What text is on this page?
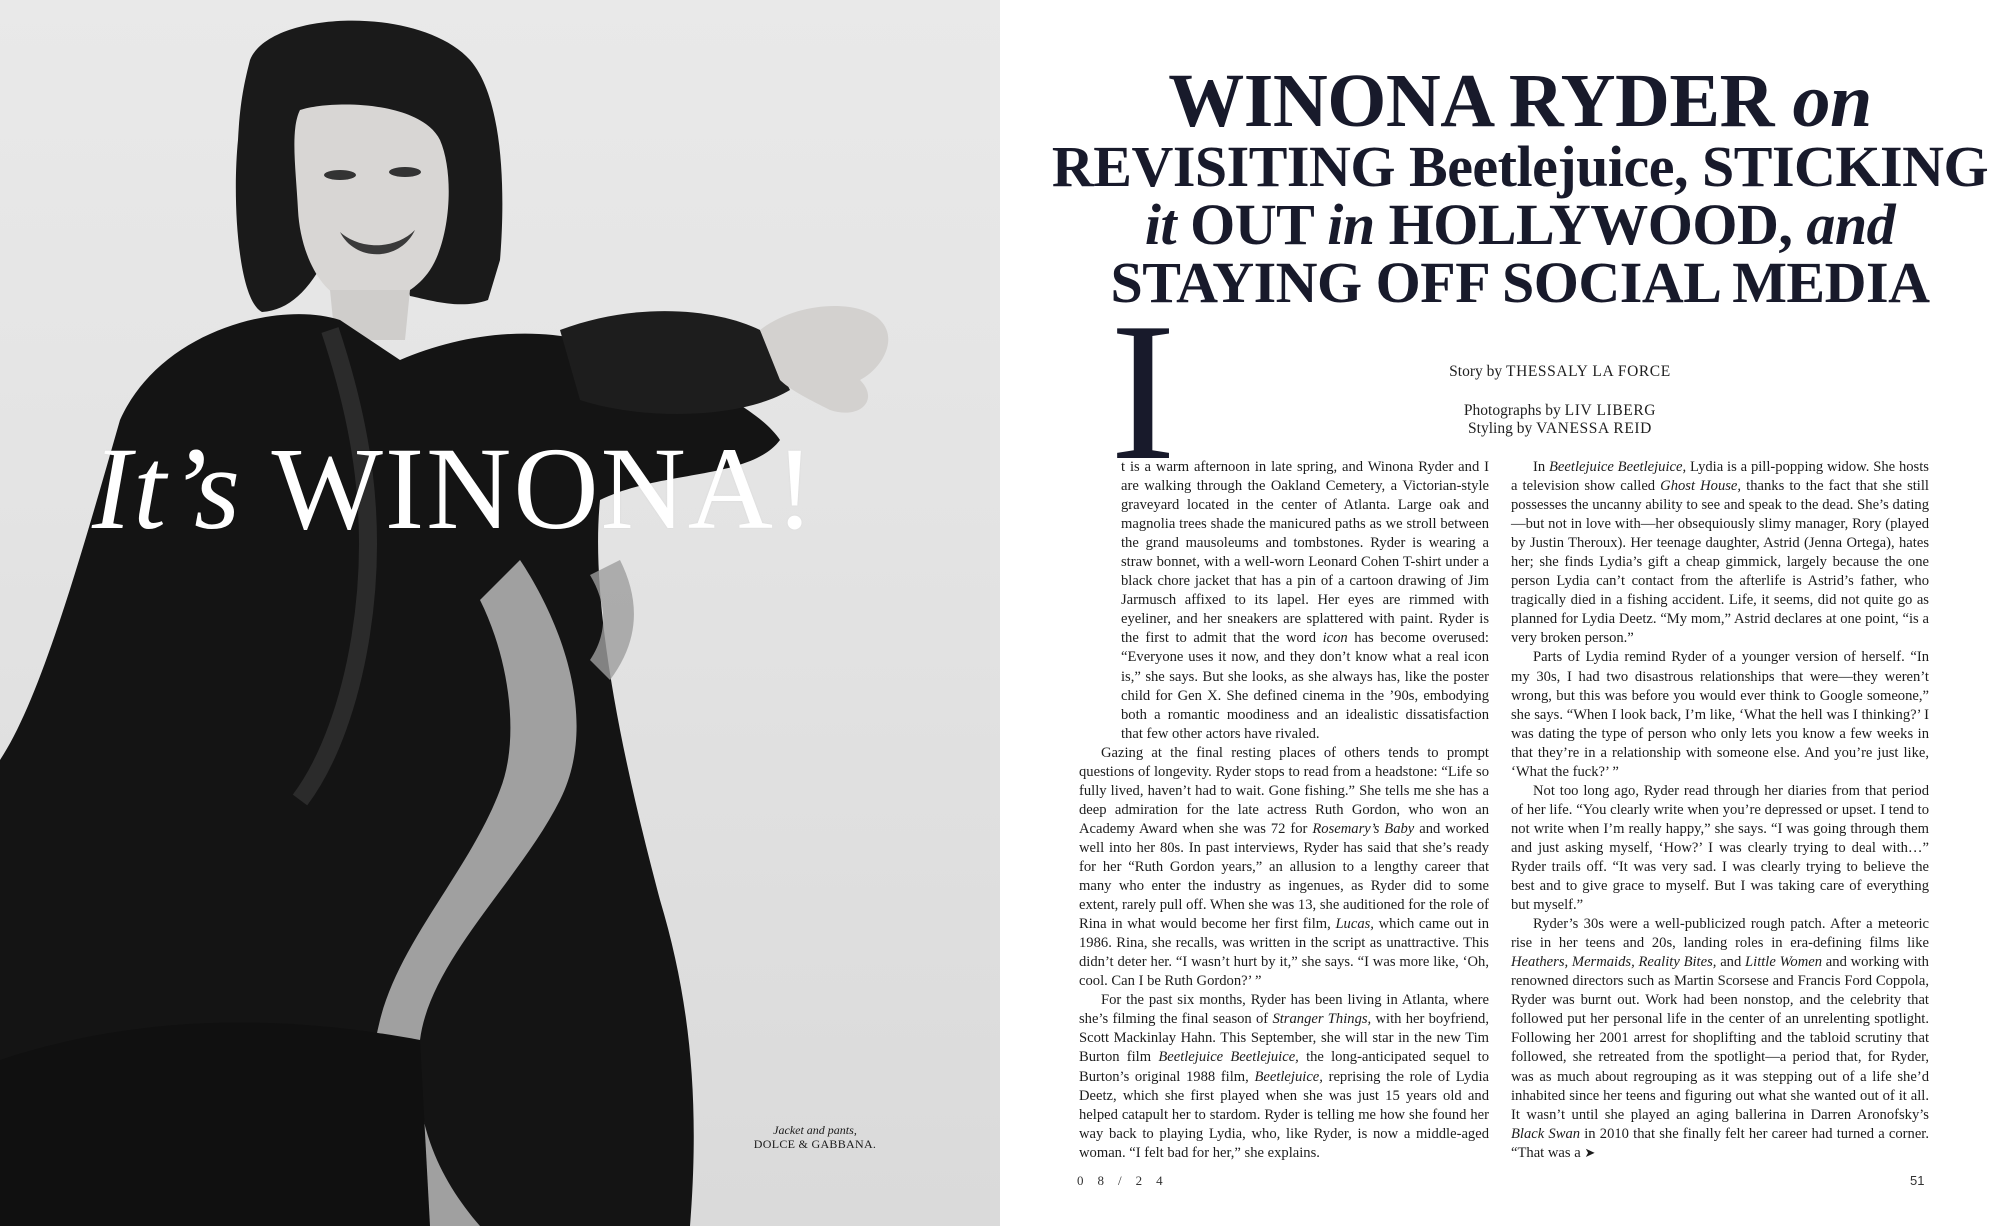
It’s WINONA!
Jacket and pants,
DOLCE & GABBANA.
WINONA RYDER on
REVISITING Beetlejuice, STICKING
it OUT in HOLLYWOOD, and
STAYING OFF SOCIAL MEDIA
I	Story by THESSALY LA FORCE
Photographs by LIV LIBERG
Styling by VANESSA REID

t is a warm afternoon in late spring, and Winona Ryder and I are walking through the Oakland Cemetery, a Victorian-style graveyard located in the center of Atlanta. Large oak and magnolia trees shade the manicured paths as we stroll between the grand mausoleums and tombstones. Ryder is wearing a straw bonnet, with a well-worn Leonard Cohen T-shirt under a black chore jacket that has a pin of a cartoon drawing of Jim Jarmusch affixed to its lapel. Her eyes are rimmed with eyeliner, and her sneakers are splattered with paint. Ryder is the first to admit that the word icon has become overused: “Everyone uses it now, and they don’t know what a real icon is,” she says. But she looks, as she always has, like the poster child for Gen X. She defined cinema in the ’90s, embodying both a romantic moodiness and an idealistic dissatisfaction that few other actors have rivaled.

Gazing at the final resting places of others tends to prompt questions of longevity. Ryder stops to read from a headstone: “Life so fully lived, haven’t had to wait. Gone fishing.” She tells me she has a deep admiration for the late actress Ruth Gordon, who won an Academy Award when she was 72 for Rosemary’s Baby and worked well into her 80s. In past interviews, Ryder has said that she’s ready for her “Ruth Gordon years,” an allusion to a lengthy career that many who enter the industry as ingenues, as Ryder did to some extent, rarely pull off. When she was 13, she auditioned for the role of Rina in what would become her first film, Lucas, which came out in 1986. Rina, she recalls, was written in the script as unattractive. This didn’t deter her. “I wasn’t hurt by it,” she says. “I was more like, ‘Oh, cool. Can I be Ruth Gordon?’ ”

For the past six months, Ryder has been living in Atlanta, where she’s filming the final season of Stranger Things, with her boyfriend, Scott Mackinlay Hahn. This September, she will star in the new Tim Burton film Beetlejuice Beetlejuice, the long-anticipated sequel to Burton’s original 1988 film, Beetlejuice, reprising the role of Lydia Deetz, which she first played when she was just 15 years old and helped catapult her to stardom. Ryder is telling me how she found her way back to playing Lydia, who, like Ryder, is now a middle-aged woman. “I felt bad for her,” she explains.

In Beetlejuice Beetlejuice, Lydia is a pill-popping widow. She hosts a television show called Ghost House, thanks to the fact that she still possesses the uncanny ability to see and speak to the dead. She’s dating—but not in love with—her obsequiously slimy manager, Rory (played by Justin Theroux). Her teenage daughter, Astrid (Jenna Ortega), hates her; she finds Lydia’s gift a cheap gimmick, largely because the one person Lydia can’t contact from the afterlife is Astrid’s father, who tragically died in a fishing accident. Life, it seems, did not quite go as planned for Lydia Deetz. “My mom,” Astrid declares at one point, “is a very broken person.”

Parts of Lydia remind Ryder of a younger version of herself. “In my 30s, I had two disastrous relationships that were—they weren’t wrong, but this was before you would ever think to Google someone,” she says. “When I look back, I’m like, ‘What the hell was I thinking?’ I was dating the type of person who only lets you know a few weeks in that they’re in a relationship with someone else. And you’re just like, ‘What the fuck?’ ”

Not too long ago, Ryder read through her diaries from that period of her life. “You clearly write when you’re depressed or upset. I tend to not write when I’m really happy,” she says. “I was going through them and just asking myself, ‘How?’ I was clearly trying to deal with…” Ryder trails off. “It was very sad. I was clearly trying to believe the best and to give grace to myself. But I was taking care of everything but myself.”

Ryder’s 30s were a well-publicized rough patch. After a meteoric rise in her teens and 20s, landing roles in era-defining films like Heathers, Mermaids, Reality Bites, and Little Women and working with renowned directors such as Martin Scorsese and Francis Ford Coppola, Ryder was burnt out. Work had been nonstop, and the celebrity that followed put her personal life in the center of an unrelenting spotlight. Following her 2001 arrest for shoplifting and the tabloid scrutiny that followed, she retreated from the spotlight—a period that, for Ryder, was as much about regrouping as it was stepping out of a life she’d inhabited since her teens and figuring out what she wanted out of it all. It wasn’t until she played an aging ballerina in Darren Aronofsky’s Black Swan in 2010 that she finally felt her career had turned a corner. “That was a ➤

08/24	51
